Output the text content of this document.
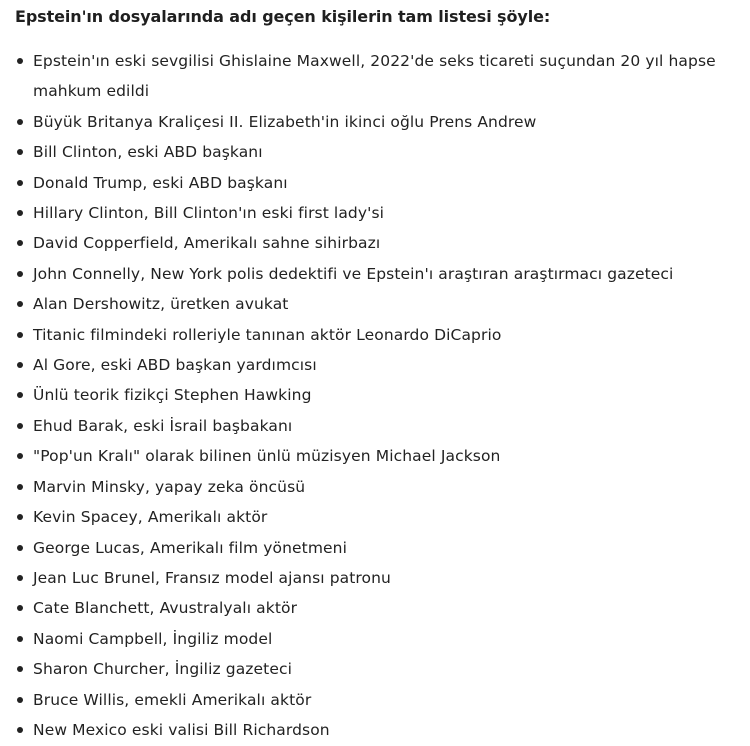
Epstein'ın dosyalarında adı geçen kişilerin tam listesi şöyle:
Epstein'ın eski sevgilisi Ghislaine Maxwell, 2022'de seks ticareti suçundan 20 yıl hapse mahkum edildi
Büyük Britanya Kraliçesi II. Elizabeth'in ikinci oğlu Prens Andrew
Bill Clinton, eski ABD başkanı
Donald Trump, eski ABD başkanı
Hillary Clinton, Bill Clinton'ın eski first lady'si
David Copperfield, Amerikalı sahne sihirbazı
John Connelly, New York polis dedektifi ve Epstein'ı araştıran araştırmacı gazeteci
Alan Dershowitz, üretken avukat
Titanic filmindeki rolleriyle tanınan aktör Leonardo DiCaprio
Al Gore, eski ABD başkan yardımcısı
Ünlü teorik fizikçi Stephen Hawking
Ehud Barak, eski İsrail başbakanı
"Pop'un Kralı" olarak bilinen ünlü müzisyen Michael Jackson
Marvin Minsky, yapay zeka öncüsü
Kevin Spacey, Amerikalı aktör
George Lucas, Amerikalı film yönetmeni
Jean Luc Brunel, Fransız model ajansı patronu
Cate Blanchett, Avustralyalı aktör
Naomi Campbell, İngiliz model
Sharon Churcher, İngiliz gazeteci
Bruce Willis, emekli Amerikalı aktör
New Mexico eski valisi Bill Richardson
